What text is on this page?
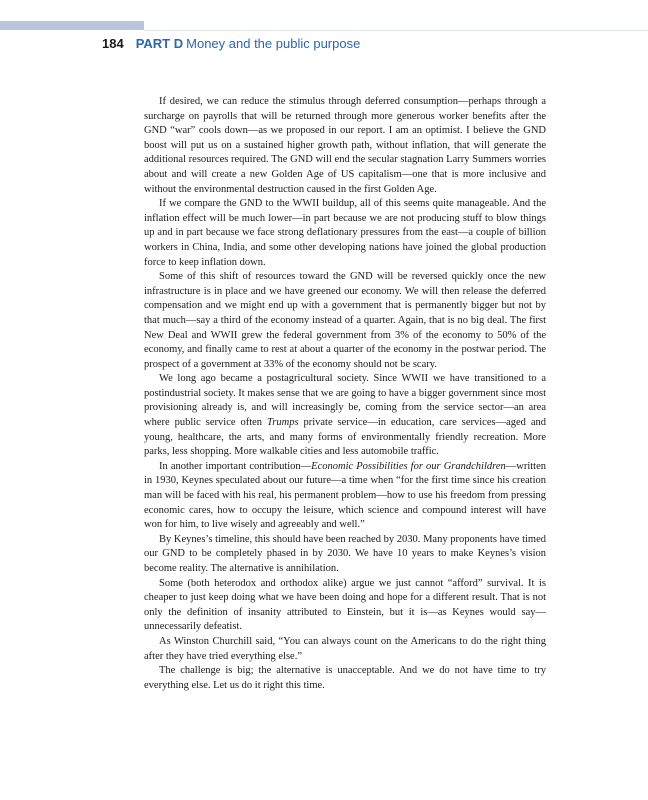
184 PART D Money and the public purpose

If desired, we can reduce the stimulus through deferred consumption—perhaps through a surcharge on payrolls that will be returned through more generous worker benefits after the GND “war” cools down—as we proposed in our report. I am an optimist. I believe the GND boost will put us on a sustained higher growth path, without inflation, that will generate the additional resources required. The GND will end the secular stagnation Larry Summers worries about and will create a new Golden Age of US capitalism—one that is more inclusive and without the environmental destruction caused in the first Golden Age.

If we compare the GND to the WWII buildup, all of this seems quite manageable. And the inflation effect will be much lower—in part because we are not producing stuff to blow things up and in part because we face strong deflationary pressures from the east—a couple of billion workers in China, India, and some other developing nations have joined the global production force to keep inflation down.

Some of this shift of resources toward the GND will be reversed quickly once the new infrastructure is in place and we have greened our economy. We will then release the deferred compensation and we might end up with a government that is permanently bigger but not by that much—say a third of the economy instead of a quarter. Again, that is no big deal. The first New Deal and WWII grew the federal government from 3% of the economy to 50% of the economy, and finally came to rest at about a quarter of the economy in the postwar period. The prospect of a government at 33% of the economy should not be scary.

We long ago became a postagricultural society. Since WWII we have transitioned to a postindustrial society. It makes sense that we are going to have a bigger government since most provisioning already is, and will increasingly be, coming from the service sector—an area where public service often Trumps private service—in education, care services—aged and young, healthcare, the arts, and many forms of environmentally friendly recreation. More parks, less shopping. More walkable cities and less automobile traffic.

In another important contribution—Economic Possibilities for our Grandchildren—written in 1930, Keynes speculated about our future—a time when “for the first time since his creation man will be faced with his real, his permanent problem—how to use his freedom from pressing economic cares, how to occupy the leisure, which science and compound interest will have won for him, to live wisely and agreeably and well.”

By Keynes’s timeline, this should have been reached by 2030. Many proponents have timed our GND to be completely phased in by 2030. We have 10 years to make Keynes’s vision become reality. The alternative is annihilation.

Some (both heterodox and orthodox alike) argue we just cannot “afford” survival. It is cheaper to just keep doing what we have been doing and hope for a different result. That is not only the definition of insanity attributed to Einstein, but it is—as Keynes would say—unnecessarily defeatist.

As Winston Churchill said, “You can always count on the Americans to do the right thing after they have tried everything else.”

The challenge is big; the alternative is unacceptable. And we do not have time to try everything else. Let us do it right this time.
